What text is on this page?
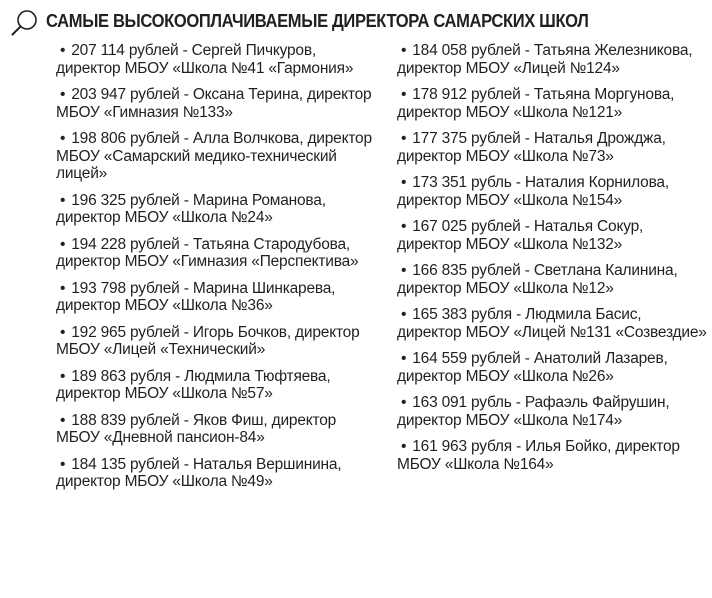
САМЫЕ ВЫСОКООПЛАЧИВАЕМЫЕ ДИРЕКТОРА САМАРСКИХ ШКОЛ
• 207 114 рублей - Сергей Пичкуров, директор МБОУ «Школа №41 «Гармония»
• 203 947 рублей - Оксана Терина, директор МБОУ «Гимназия №133»
• 198 806 рублей - Алла Волчкова, директор МБОУ «Самарский медико-технический лицей»
• 196 325 рублей - Марина Романова, директор МБОУ «Школа №24»
• 194 228 рублей - Татьяна Стародубова, директор МБОУ «Гимназия «Перспектива»
• 193 798 рублей - Марина Шинкарева, директор МБОУ «Школа №36»
• 192 965 рублей - Игорь Бочков, директор МБОУ «Лицей «Технический»
• 189 863 рубля - Людмила Тюфтяева, директор МБОУ «Школа №57»
• 188 839 рублей - Яков Фиш, директор МБОУ «Дневной пансион-84»
• 184 135 рублей - Наталья Вершинина, директор МБОУ «Школа №49»
• 184 058 рублей - Татьяна Железникова, директор МБОУ «Лицей №124»
• 178 912 рублей - Татьяна Моргунова, директор МБОУ «Школа №121»
• 177 375 рублей - Наталья Дрожджа, директор МБОУ «Школа №73»
• 173 351 рубль - Наталия Корнилова, директор МБОУ «Школа №154»
• 167 025 рублей - Наталья Сокур, директор МБОУ «Школа №132»
• 166 835 рублей - Светлана Калинина, директор МБОУ «Школа №12»
• 165 383 рубля - Людмила Басис, директор МБОУ «Лицей №131 «Созвездие»
• 164 559 рублей - Анатолий Лазарев, директор МБОУ «Школа №26»
• 163 091 рубль - Рафаэль Файрушин, директор МБОУ «Школа №174»
• 161 963 рубля - Илья Бойко, директор МБОУ «Школа №164»
